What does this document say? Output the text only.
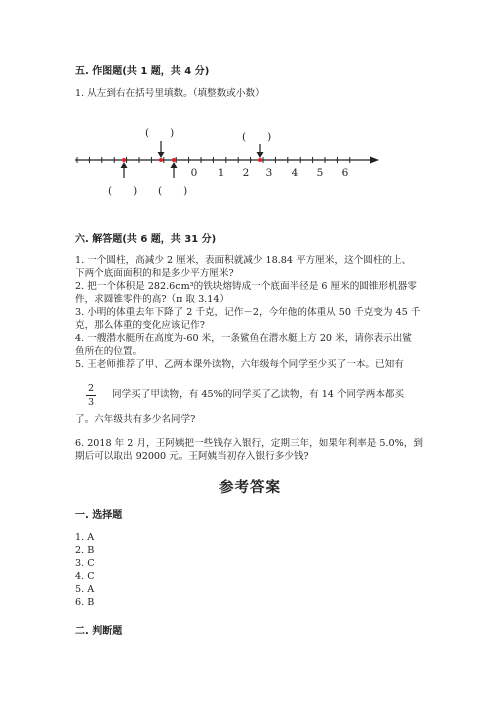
五. 作图题(共 1 题，共 4 分)
1. 从左到右在括号里填数。（填整数或小数）
(　　)	(　　)
0 1 2 3 4 5 6
(　　) (　　)
六. 解答题(共 6 题，共 31 分)
1. 一个圆柱，高减少 2 厘米，表面积就减少 18.84 平方厘米，这个圆柱的上、
下两个底面面积的和是多少平方厘米?
2. 把一个体积是 282.6cm³的铁块熔铸成一个底面半径是 6 厘米的圆锥形机器零
件，求圆锥零件的高?（π 取 3.14）
3. 小明的体重去年下降了 2 千克，记作－2，今年他的体重从 50 千克变为 45 千
克，那么体重的变化应该记作?
4. 一艘潜水艇所在高度为-60 米，一条鲨鱼在潜水艇上方 20 米，请你表示出鲨
鱼所在的位置。
5. 王老师推荐了甲、乙两本课外读物，六年级每个同学至少买了一本。已知有
2
3
同学买了甲读物，有 45%的同学买了乙读物，有 14 个同学两本都买
了。六年级共有多少名同学?
6. 2018 年 2 月，王阿姨把一些钱存入银行，定期三年，如果年利率是 5.0%，到
期后可以取出 92000 元。王阿姨当初存入银行多少钱?
参考答案
一. 选择题
1. A
2. B
3. C
4. C
5. A
6. B
二. 判断题
